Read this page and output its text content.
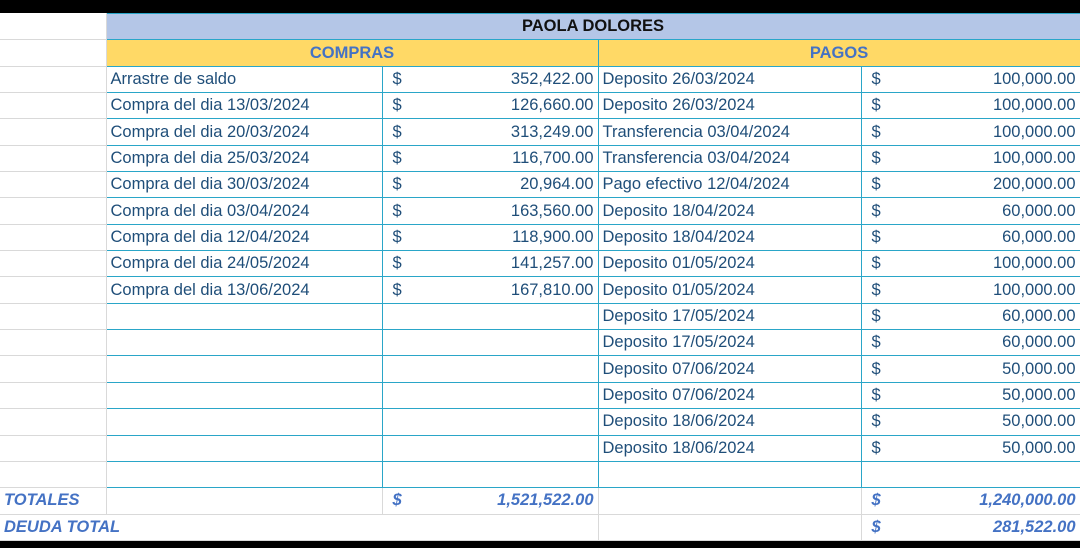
	PAOLA DOLORES			
	COMPRAS		PAGOS	
	Arrastre de saldo	$ 352,422.00	Deposito 26/03/2024	$ 100,000.00

	Compra del dia 13/03/2024	$ 126,660.00	Deposito 26/03/2024	$ 100,000.00

	Compra del dia 20/03/2024	$ 313,249.00	Transferencia 03/04/2024	$ 100,000.00

	Compra del dia 25/03/2024	$ 116,700.00	Transferencia 03/04/2024	$ 100,000.00

	Compra del dia 30/03/2024	$ 20,964.00	Pago efectivo 12/04/2024	$ 200,000.00

	Compra del dia 03/04/2024	$ 163,560.00	Deposito 18/04/2024	$ 60,000.00

	Compra del dia 12/04/2024	$ 118,900.00	Deposito 18/04/2024	$ 60,000.00

	Compra del dia 24/05/2024	$ 141,257.00	Deposito 01/05/2024	$ 100,000.00

	Compra del dia 13/06/2024	$ 167,810.00	Deposito 01/05/2024	$ 100,000.00

			Deposito 17/05/2024	$ 60,000.00

			Deposito 17/05/2024	$ 60,000.00

			Deposito 07/06/2024	$ 50,000.00

			Deposito 07/06/2024	$ 50,000.00

			Deposito 18/06/2024	$ 50,000.00

			Deposito 18/06/2024	$ 50,000.00

TOTALES		$ 1,521,522.00		$ 1,240,000.00

DEUDA TOTAL				$ 281,522.00
